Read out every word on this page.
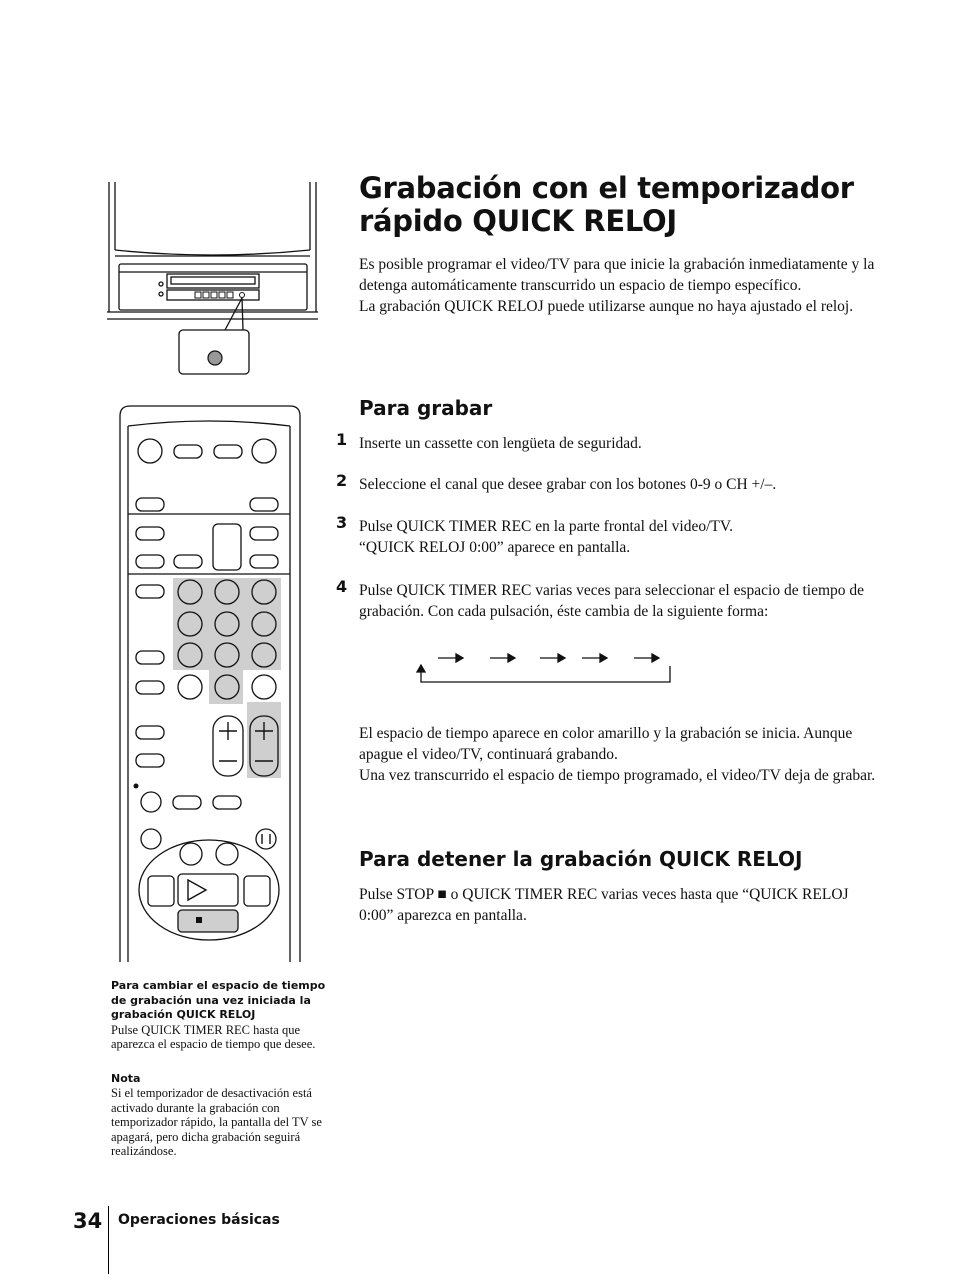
Grabación con el temporizador rápido QUICK RELOJ

Es posible programar el video/TV para que inicie la grabación inmediatamente y la detenga automáticamente transcurrido un espacio de tiempo específico.

La grabación QUICK RELOJ puede utilizarse aunque no haya ajustado el reloj.

Para grabar
1 Inserte un cassette con lengüeta de seguridad.

2 Seleccione el canal que desee grabar con los botones 0-9 o CH +/–.

3 Pulse QUICK TIMER REC en la parte frontal del video/TV.

“QUICK RELOJ 0:00” aparece en pantalla.

4 Pulse QUICK TIMER REC varias veces para seleccionar el espacio de tiempo de grabación. Con cada pulsación, éste cambia de la siguiente forma:

El espacio de tiempo aparece en color amarillo y la grabación se inicia. Aunque apague el video/TV, continuará grabando.

Una vez transcurrido el espacio de tiempo programado, el video/TV deja de grabar.

Para detener la grabación QUICK RELOJ

Pulse STOP ■ o QUICK TIMER REC varias veces hasta que “QUICK RELOJ 0:00” aparezca en pantalla.

Para cambiar el espacio de tiempo de grabación una vez iniciada la grabación QUICK RELOJ

Pulse QUICK TIMER REC hasta que aparezca el espacio de tiempo que desee.

Nota

Si el temporizador de desactivación está activado durante la grabación con temporizador rápido, la pantalla del TV se apagará, pero dicha grabación seguirá realizándose.

34 Operaciones básicas
